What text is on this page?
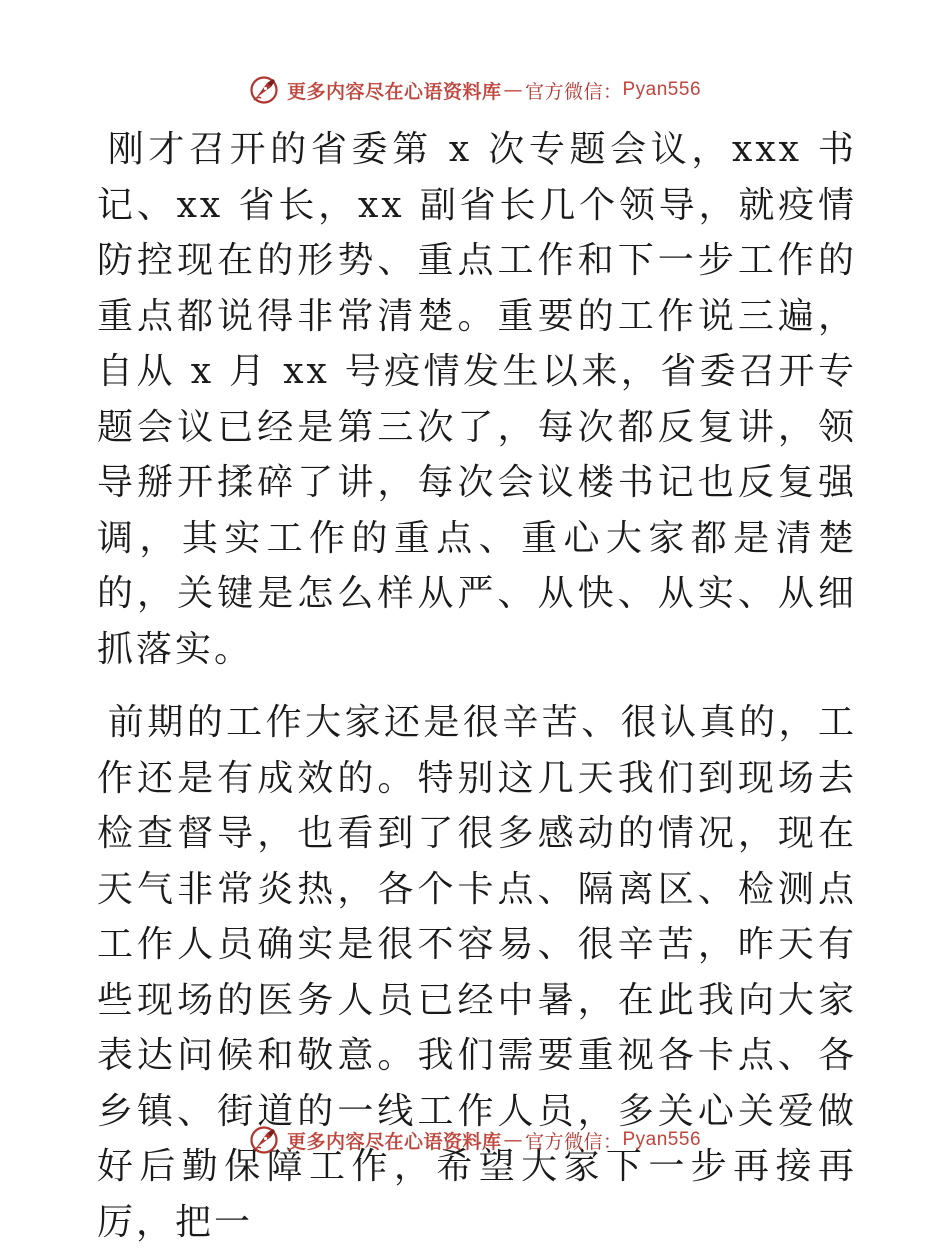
更多内容尽在心语资料库 — 官方微信： Pyan556

刚才召开的省委第 x 次专题会议，xxx 书记、xx 省长，xx 副省长几个领导，就疫情防控现在的形势、重点工作和下一步工作的重点都说得非常清楚。重要的工作说三遍，自从 x 月 xx 号疫情发生以来，省委召开专题会议已经是第三次了，每次都反复讲，领导掰开揉碎了讲，每次会议楼书记也反复强调，其实工作的重点、重心大家都是清楚的，关键是怎么样从严、从快、从实、从细抓落实。

前期的工作大家还是很辛苦、很认真的，工作还是有成效的。特别这几天我们到现场去检查督导，也看到了很多感动的情况，现在天气非常炎热，各个卡点、隔离区、检测点工作人员确实是很不容易、很辛苦，昨天有些现场的医务人员已经中暑，在此我向大家表达问候和敬意。我们需要重视各卡点、各乡镇、街道的一线工作人员，多关心关爱做好后勤保障工作，希望大家下一步再接再厉，把一

更多内容尽在心语资料库 — 官方微信： Pyan556
